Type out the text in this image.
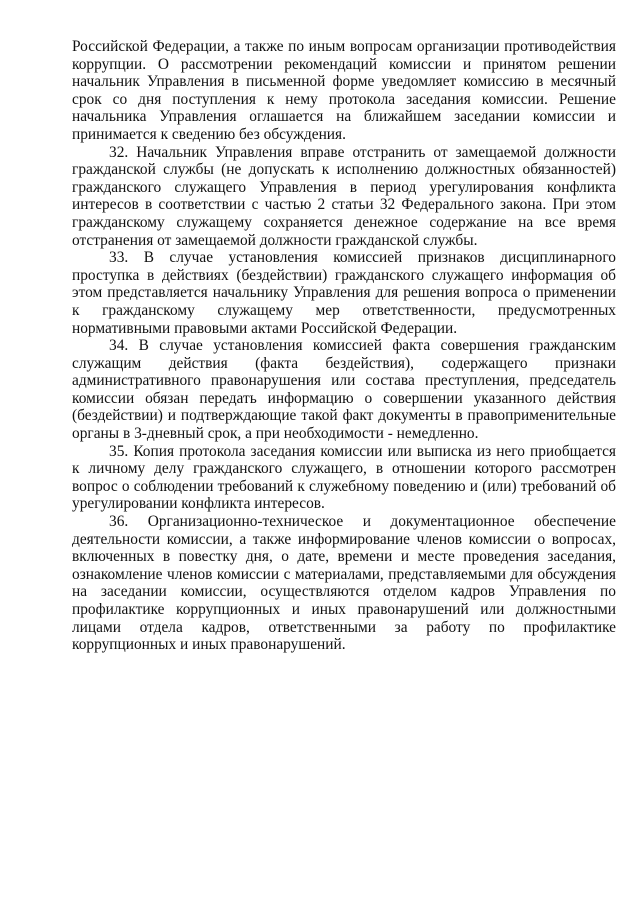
Российской Федерации, а также по иным вопросам организации противодействия коррупции. О рассмотрении рекомендаций комиссии и принятом решении начальник Управления в письменной форме уведомляет комиссию в месячный срок со дня поступления к нему протокола заседания комиссии. Решение начальника Управления оглашается на ближайшем заседании комиссии и принимается к сведению без обсуждения.

32. Начальник Управления вправе отстранить от замещаемой должности гражданской службы (не допускать к исполнению должностных обязанностей) гражданского служащего Управления в период урегулирования конфликта интересов в соответствии с частью 2 статьи 32 Федерального закона. При этом гражданскому служащему сохраняется денежное содержание на все время отстранения от замещаемой должности гражданской службы.

33. В случае установления комиссией признаков дисциплинарного проступка в действиях (бездействии) гражданского служащего информация об этом представляется начальнику Управления для решения вопроса о применении к гражданскому служащему мер ответственности, предусмотренных нормативными правовыми актами Российской Федерации.

34. В случае установления комиссией факта совершения гражданским служащим действия (факта бездействия), содержащего признаки административного правонарушения или состава преступления, председатель комиссии обязан передать информацию о совершении указанного действия (бездействии) и подтверждающие такой факт документы в правоприменительные органы в 3-дневный срок, а при необходимости - немедленно.

35. Копия протокола заседания комиссии или выписка из него приобщается к личному делу гражданского служащего, в отношении которого рассмотрен вопрос о соблюдении требований к служебному поведению и (или) требований об урегулировании конфликта интересов.

36. Организационно-техническое и документационное обеспечение деятельности комиссии, а также информирование членов комиссии о вопросах, включенных в повестку дня, о дате, времени и месте проведения заседания, ознакомление членов комиссии с материалами, представляемыми для обсуждения на заседании комиссии, осуществляются отделом кадров Управления по профилактике коррупционных и иных правонарушений или должностными лицами отдела кадров, ответственными за работу по профилактике коррупционных и иных правонарушений.
